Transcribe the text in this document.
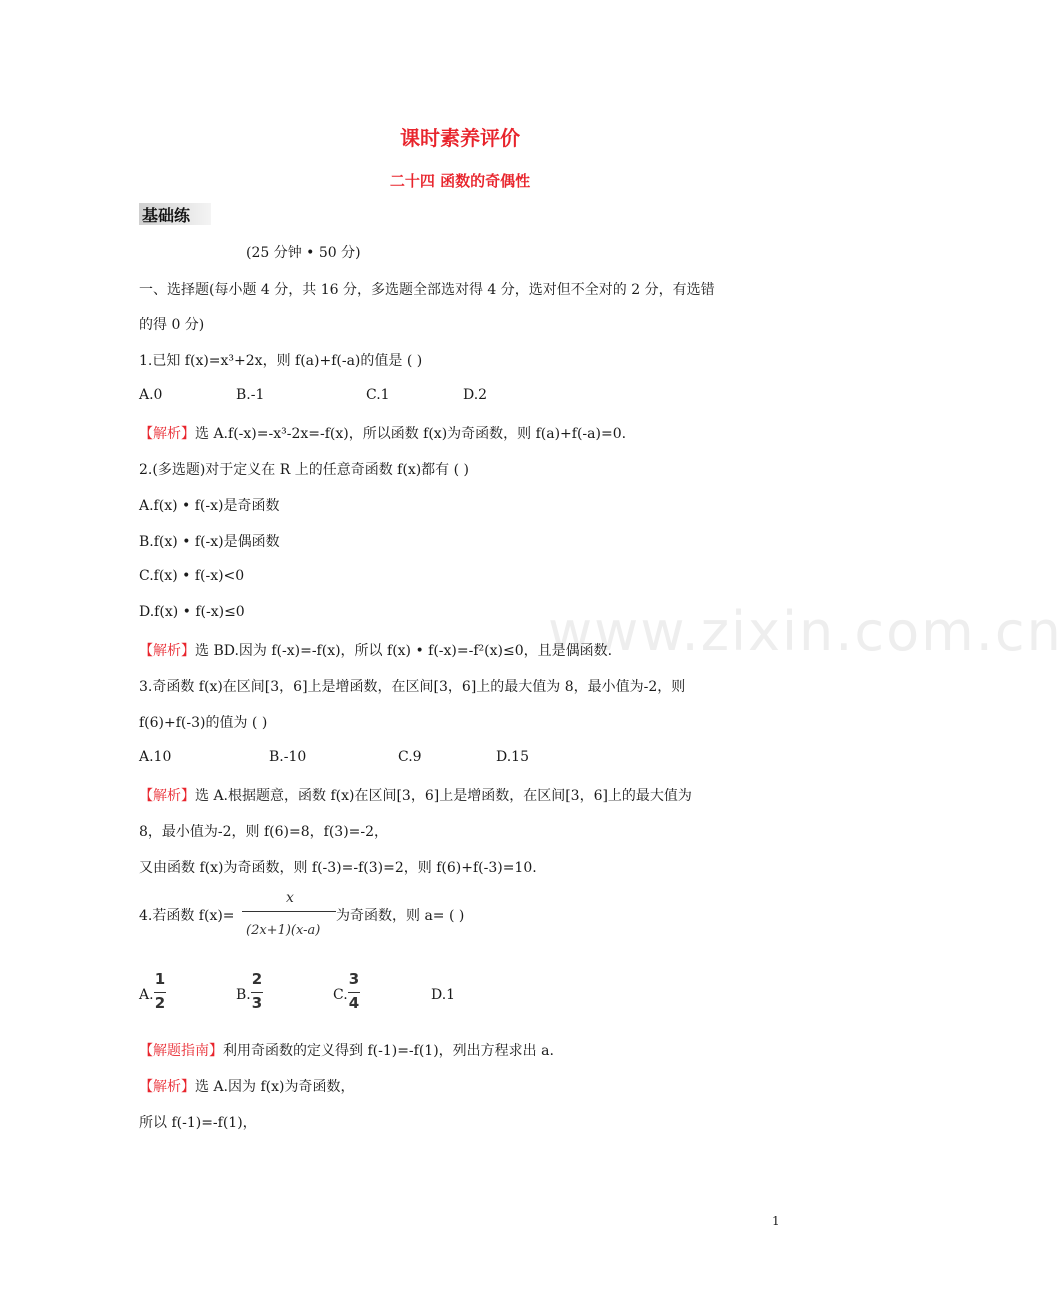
www.zixin.com.cn
课时素养评价
二十四 函数的奇偶性
基础练
(25 分钟 • 50 分)
一、选择题(每小题 4 分，共 16 分，多选题全部选对得 4 分，选对但不全对的 2 分，有选错
的得 0 分)
1.已知 f(x)=x³+2x，则 f(a)+f(-a)的值是 ( )
A.0	B.-1	C.1	D.2
【解析】选 A.f(-x)=-x³-2x=-f(x)，所以函数 f(x)为奇函数，则 f(a)+f(-a)=0.
2.(多选题)对于定义在 R 上的任意奇函数 f(x)都有 ( )
A.f(x) • f(-x)是奇函数
B.f(x) • f(-x)是偶函数
C.f(x) • f(-x)<0
D.f(x) • f(-x)≤0
【解析】选 BD.因为 f(-x)=-f(x)，所以 f(x) • f(-x)=-f²(x)≤0，且是偶函数.
3.奇函数 f(x)在区间[3，6]上是增函数，在区间[3，6]上的最大值为 8，最小值为-2，则
f(6)+f(-3)的值为 ( )
A.10	B.-10	C.9	D.15
【解析】选 A.根据题意，函数 f(x)在区间[3，6]上是增函数，在区间[3，6]上的最大值为
8，最小值为-2，则 f(6)=8，f(3)=-2，
又由函数 f(x)为奇函数，则 f(-3)=-f(3)=2，则 f(6)+f(-3)=10.
4.若函数 f(x)=
x
(2x+1)(x-a)
为奇函数，则 a= ( )
A.
1
2	B.
2
3	C.
3
4	D.1
【解题指南】利用奇函数的定义得到 f(-1)=-f(1)，列出方程求出 a.
【解析】选 A.因为 f(x)为奇函数，
所以 f(-1)=-f(1)，
1
